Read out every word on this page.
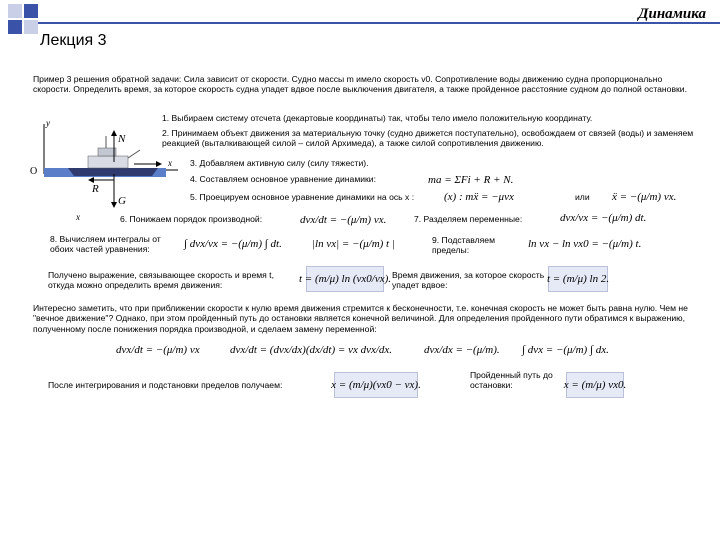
Динамика
Лекция 3
Пример 3 решения обратной задачи: Сила зависит от скорости. Судно массы m имело скорость v0. Сопротивление воды движению судна пропорционально скорости. Определить время, за которое скорость судна упадет вдвое после выключения двигателя, а также пройденное расстояние судном до полной остановки.
y
x
O
N
R
G
x
1. Выбираем систему отсчета (декартовые координаты) так, чтобы тело имело положительную координату.
2. Принимаем объект движения за материальную точку (судно движется поступательно), освобождаем от связей (воды) и заменяем реакцией (выталкивающей силой – силой Архимеда), а также силой сопротивления движению.
3. Добавляем активную силу (силу тяжести).
4. Составляем основное уравнение динамики:	ma = ΣFi + R + N.
5. Проецируем основное уравнение динамики на ось x :	(x) : mẍ = −μvx	или ẍ = −(μ/m) vx.
6. Понижаем порядок производной:	dvx/dt = −(μ/m) vx.	7. Разделяем переменные:	dvx/vx = −(μ/m) dt.
8. Вычисляем интегралы от обоих частей уравнения:	∫ dvx/vx = −(μ/m) ∫ dt.	|ln vx| = −(μ/m) t |	9. Подставляем пределы:
ln vx − ln vx0 = −(μ/m) t.
Получено выражение, связывающее скорость и время t, откуда можно определить время движения:
t = (m/μ) ln (vx0/vx). Время движения, за которое скорость упадет вдвое:
t = (m/μ) ln 2.
Интересно заметить, что при приближении скорости к нулю время движения стремится к бесконечности, т.е. конечная скорость не может быть равна нулю. Чем не "вечное движение"? Однако, при этом пройденный путь до остановки является конечной величиной. Для определения пройденного пути обратимся к выражению, полученному после понижения порядка производной, и сделаем замену переменной:
dvx/dt = −(μ/m) vx	dvx/dt = (dvx/dx)(dx/dt) = vx dvx/dx.	dvx/dx = −(μ/m). ∫ dvx = −(μ/m) ∫ dx.
После интегрирования и подстановки пределов получаем:	x = (m/μ)(vx0 − vx).
Пройденный путь до остановки:	x = (m/μ) vx0.
